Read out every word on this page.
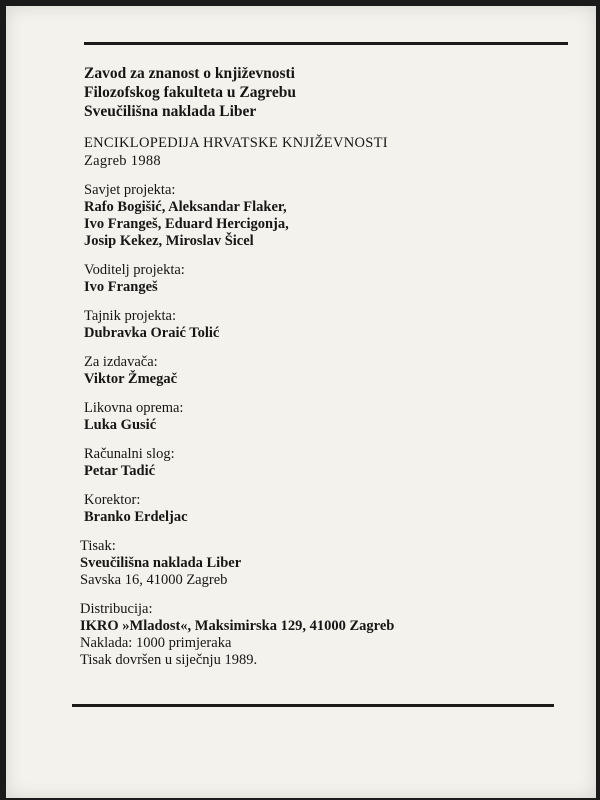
Zavod za znanost o književnosti
Filozofskog fakulteta u Zagrebu
Sveučilišna naklada Liber
ENCIKLOPEDIJA HRVATSKE KNJIŽEVNOSTI
Zagreb 1988
Savjet projekta:
Rafo Bogišić, Aleksandar Flaker,
Ivo Frangeš, Eduard Hercigonja,
Josip Kekez, Miroslav Šicel
Voditelj projekta:
Ivo Frangeš
Tajnik projekta:
Dubravka Oraić Tolić
Za izdavača:
Viktor Žmegač
Likovna oprema:
Luka Gusić
Računalni slog:
Petar Tadić
Korektor:
Branko Erdeljac
Tisak:
Sveučilišna naklada Liber
Savska 16, 41000 Zagreb
Distribucija:
IKRO »Mladost«, Maksimirska 129, 41000 Zagreb
Naklada: 1000 primjeraka
Tisak dovršen u siječnju 1989.
